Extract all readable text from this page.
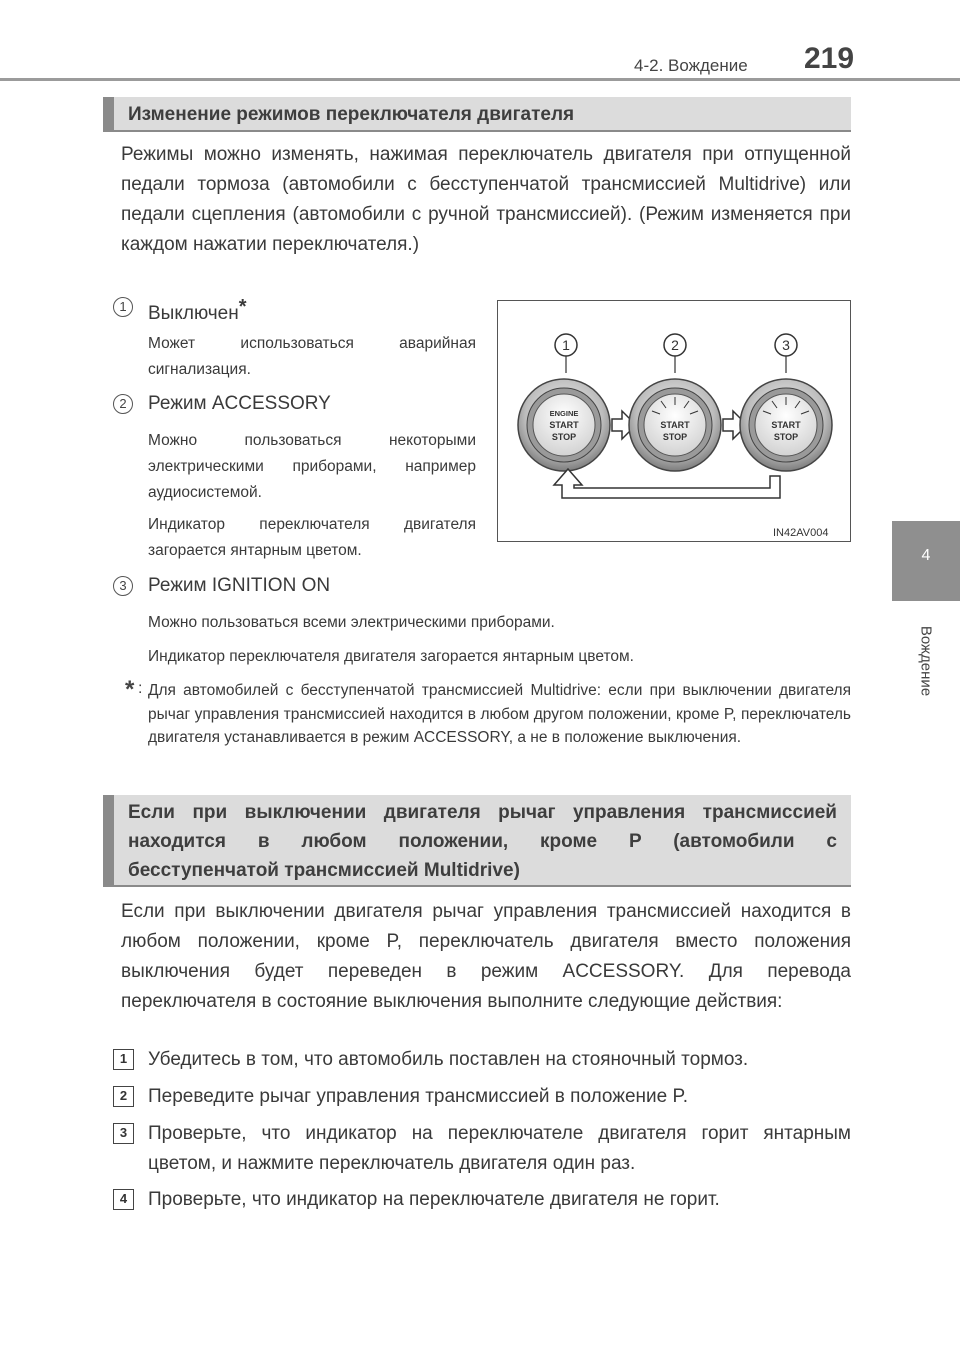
4-2. Вождение 219
4
Вождение
Изменение режимов переключателя двигателя
Режимы можно изменять, нажимая переключатель двигателя при отпущенной педали тормоза (автомобили с бесступенчатой трансмиссией Multidrive) или педали сцепления (автомобили с ручной трансмиссией). (Режим изменяется при каждом нажатии переключателя.)
1	Выключен*
Может использоваться аварийная сигнализация.
2	Режим ACCESSORY
Можно пользоваться некоторыми электрическими приборами, например аудиосистемой.
Индикатор переключателя двигателя загорается янтарным цветом.
3	Режим IGNITION ON
Можно пользоваться всеми электрическими приборами.
Индикатор переключателя двигателя загорается янтарным цветом.
* : Для автомобилей с бесступенчатой трансмиссией Multidrive: если при выключении двигателя рычаг управления трансмиссией находится в любом другом положении, кроме P, переключатель двигателя устанавливается в режим ACCESSORY, а не в положение выключения.
1	2	3
ENGINE
START
STOP
START
STOP
START
STOP
IN42AV004
Если при выключении двигателя рычаг управления трансмиссией
находится в любом положении, кроме P (автомобили с
бесступенчатой трансмиссией Multidrive)
Если при выключении двигателя рычаг управления трансмиссией находится в любом положении, кроме P, переключатель двигателя вместо положения выключения будет переведен в режим ACCESSORY. Для перевода переключателя в состояние выключения выполните следующие действия:
1	Убедитесь в том, что автомобиль поставлен на стояночный тормоз.
2	Переведите рычаг управления трансмиссией в положение P.
3	Проверьте, что индикатор на переключателе двигателя горит янтарным цветом, и нажмите переключатель двигателя один раз.
4	Проверьте, что индикатор на переключателе двигателя не горит.
